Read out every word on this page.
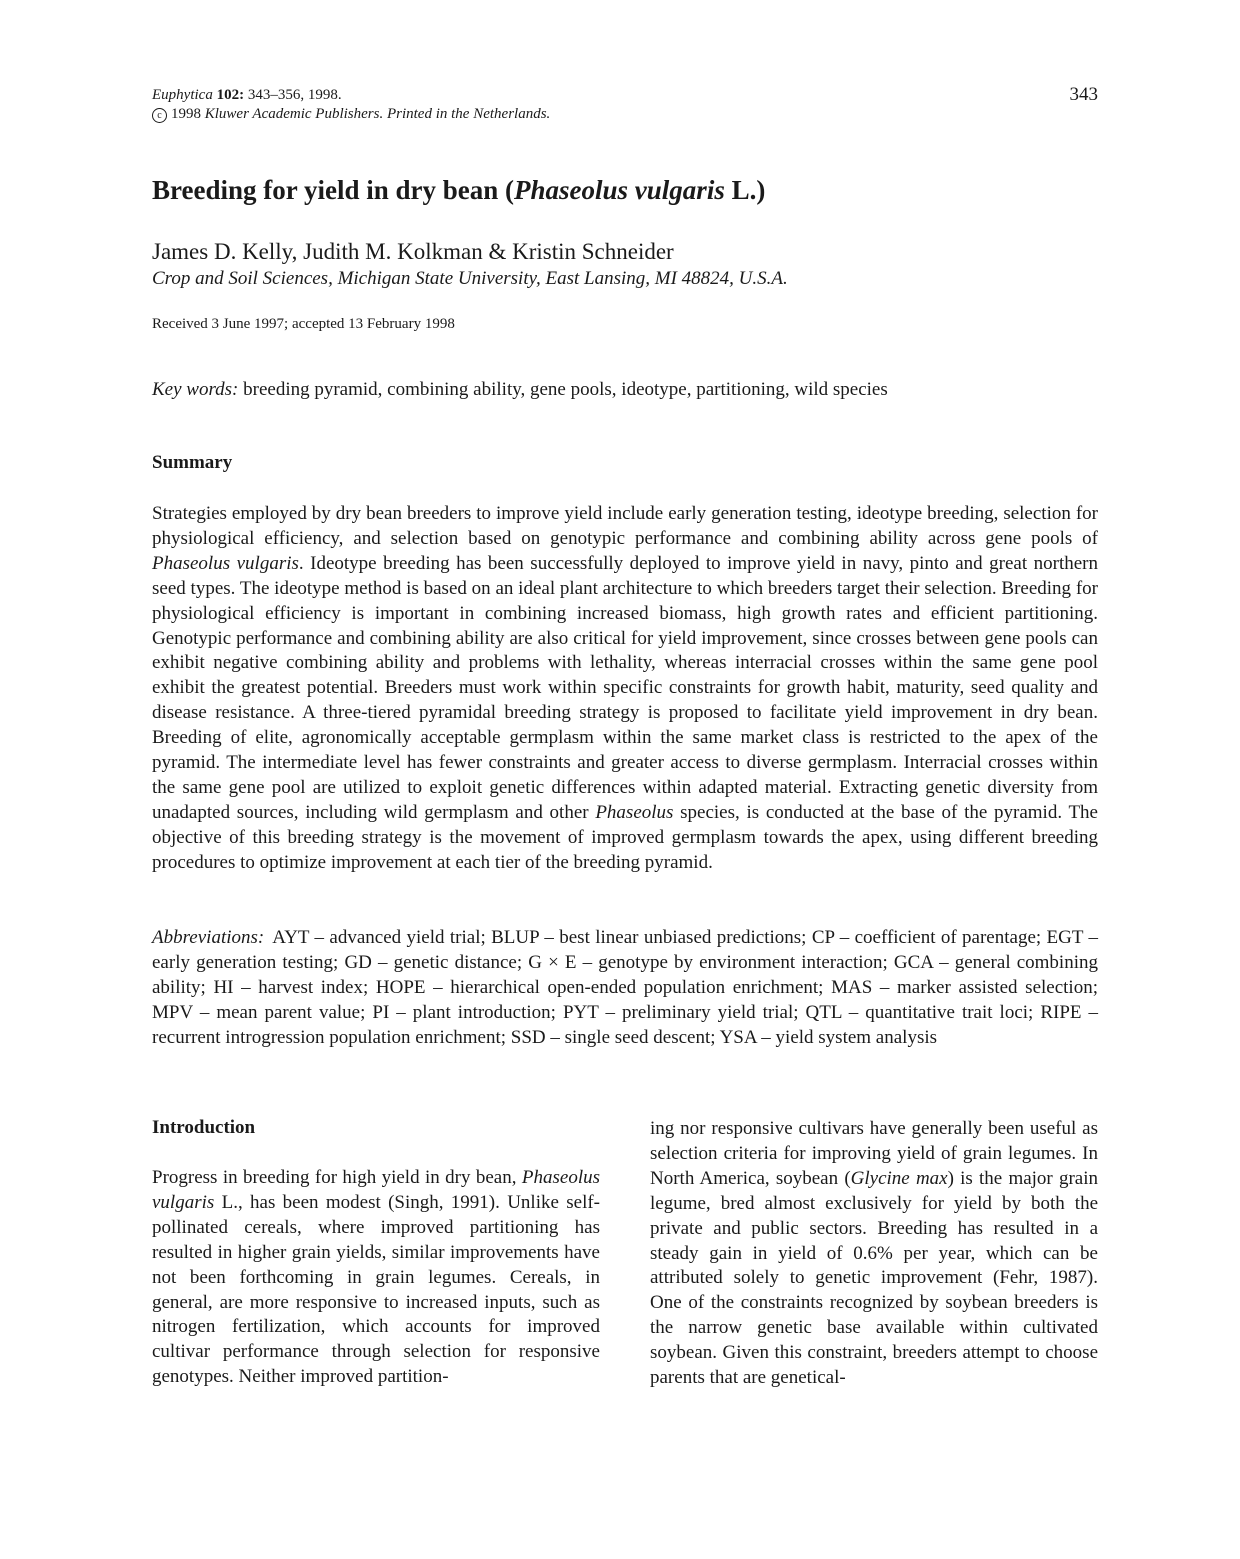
Euphytica 102: 343–356, 1998.
c 1998 Kluwer Academic Publishers. Printed in the Netherlands.
343
Breeding for yield in dry bean (Phaseolus vulgaris L.)
James D. Kelly, Judith M. Kolkman & Kristin Schneider
Crop and Soil Sciences, Michigan State University, East Lansing, MI 48824, U.S.A.
Received 3 June 1997; accepted 13 February 1998
Key words: breeding pyramid, combining ability, gene pools, ideotype, partitioning, wild species
Summary

Strategies employed by dry bean breeders to improve yield include early generation testing, ideotype breeding, selection for physiological efficiency, and selection based on genotypic performance and combining ability across gene pools of Phaseolus vulgaris. Ideotype breeding has been successfully deployed to improve yield in navy, pinto and great northern seed types. The ideotype method is based on an ideal plant architecture to which breeders target their selection. Breeding for physiological efficiency is important in combining increased biomass, high growth rates and efficient partitioning. Genotypic performance and combining ability are also critical for yield improvement, since crosses between gene pools can exhibit negative combining ability and problems with lethality, whereas interracial crosses within the same gene pool exhibit the greatest potential. Breeders must work within specific constraints for growth habit, maturity, seed quality and disease resistance. A three-tiered pyramidal breeding strategy is proposed to facilitate yield improvement in dry bean. Breeding of elite, agronomically acceptable germplasm within the same market class is restricted to the apex of the pyramid. The intermediate level has fewer constraints and greater access to diverse germplasm. Interracial crosses within the same gene pool are utilized to exploit genetic differences within adapted material. Extracting genetic diversity from unadapted sources, including wild germplasm and other Phaseolus species, is conducted at the base of the pyramid. The objective of this breeding strategy is the movement of improved germplasm towards the apex, using different breeding procedures to optimize improvement at each tier of the breeding pyramid.

Abbreviations: AYT – advanced yield trial; BLUP – best linear unbiased predictions; CP – coefficient of parentage; EGT – early generation testing; GD – genetic distance; G × E – genotype by environment interaction; GCA – general combining ability; HI – harvest index; HOPE – hierarchical open-ended population enrichment; MAS – marker assisted selection; MPV – mean parent value; PI – plant introduction; PYT – preliminary yield trial; QTL – quantitative trait loci; RIPE – recurrent introgression population enrichment; SSD – single seed descent; YSA – yield system analysis

Introduction

Progress in breeding for high yield in dry bean, Phaseolus vulgaris L., has been modest (Singh, 1991). Unlike self-pollinated cereals, where improved partitioning has resulted in higher grain yields, similar improvements have not been forthcoming in grain legumes. Cereals, in general, are more responsive to increased inputs, such as nitrogen fertilization, which accounts for improved cultivar performance through selection for responsive genotypes. Neither improved partition-

ing nor responsive cultivars have generally been useful as selection criteria for improving yield of grain legumes. In North America, soybean (Glycine max) is the major grain legume, bred almost exclusively for yield by both the private and public sectors. Breeding has resulted in a steady gain in yield of 0.6% per year, which can be attributed solely to genetic improvement (Fehr, 1987). One of the constraints recognized by soybean breeders is the narrow genetic base available within cultivated soybean. Given this constraint, breeders attempt to choose parents that are genetical-
